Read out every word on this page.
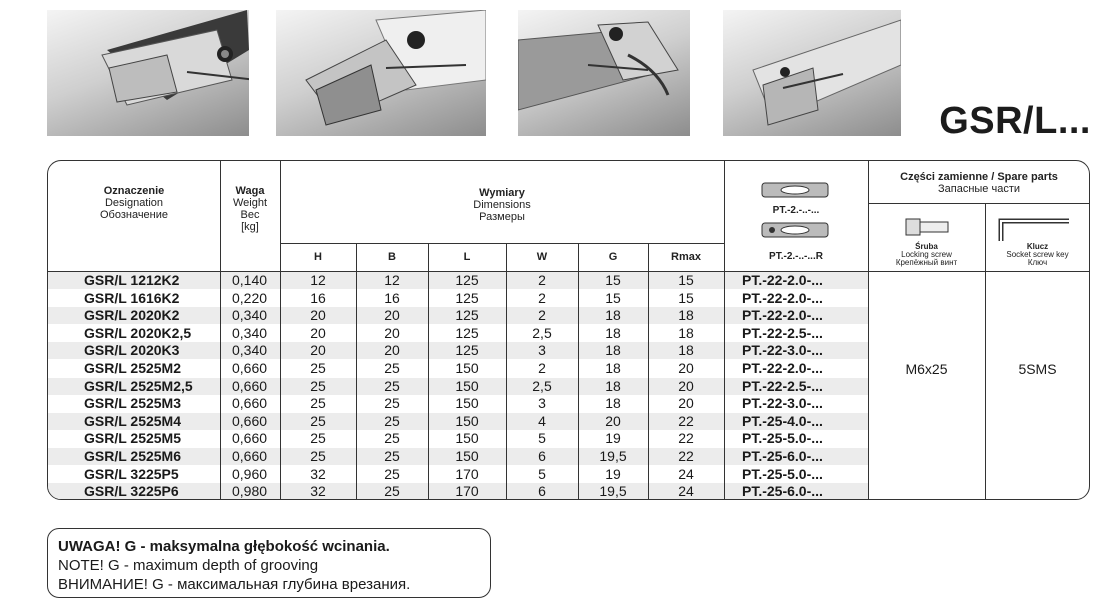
GSR/L...
Oznaczenie
Designation
Обозначение
Waga
Weight
Вес
[kg]
Wymiary
Dimensions
Размеры
H	B	L	W	G	Rmax
PT.-2.-..-...
PT.-2.-..-...R
Części zamienne / Spare parts
Запасные части
Śruba
Locking screw
Крепёжный винт
Klucz
Socket screw key
Ключ
GSR/L 1212K2	0,140	12	12	125	2	15	15	PT.-22-2.0-...
GSR/L 1616K2	0,220	16	16	125	2	15	15	PT.-22-2.0-...
GSR/L 2020K2	0,340	20	20	125	2	18	18	PT.-22-2.0-...
GSR/L 2020K2,5	0,340	20	20	125	2,5	18	18	PT.-22-2.5-...
GSR/L 2020K3	0,340	20	20	125	3	18	18	PT.-22-3.0-...
GSR/L 2525M2	0,660	25	25	150	2	18	20	PT.-22-2.0-...
GSR/L 2525M2,5	0,660	25	25	150	2,5	18	20	PT.-22-2.5-...
GSR/L 2525M3	0,660	25	25	150	3	18	20	PT.-22-3.0-...
GSR/L 2525M4	0,660	25	25	150	4	20	22	PT.-25-4.0-...
GSR/L 2525M5	0,660	25	25	150	5	19	22	PT.-25-5.0-...
GSR/L 2525M6	0,660	25	25	150	6	19,5	22	PT.-25-6.0-...
GSR/L 3225P5	0,960	32	25	170	5	19	24	PT.-25-5.0-...
GSR/L 3225P6	0,980	32	25	170	6	19,5	24	PT.-25-6.0-...
M6x25	5SMS
UWAGA! G - maksymalna głębokość wcinania.
NOTE! G - maximum depth of grooving
ВНИМАНИЕ! G - максимальная глубина врезания.
